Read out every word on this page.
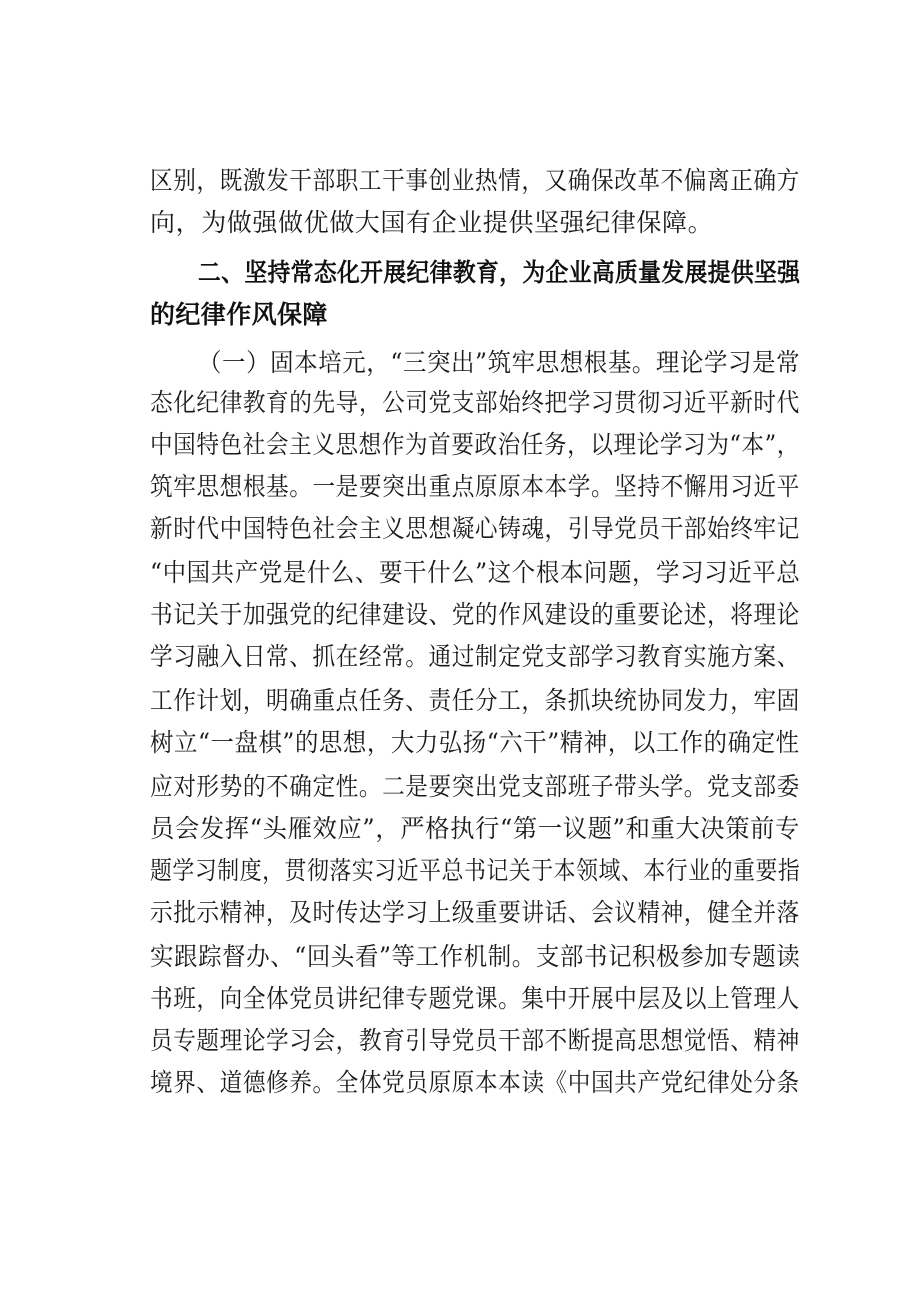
区别，既激发干部职工干事创业热情，又确保改革不偏离正确方
向，为做强做优做大国有企业提供坚强纪律保障。
二、坚持常态化开展纪律教育，为企业高质量发展提供坚强
的纪律作风保障
（一）固本培元，“三突出”筑牢思想根基。理论学习是常
态化纪律教育的先导，公司党支部始终把学习贯彻习近平新时代
中国特色社会主义思想作为首要政治任务，以理论学习为“本”，
筑牢思想根基。一是要突出重点原原本本学。坚持不懈用习近平
新时代中国特色社会主义思想凝心铸魂，引导党员干部始终牢记
“中国共产党是什么、要干什么”这个根本问题，学习习近平总
书记关于加强党的纪律建设、党的作风建设的重要论述，将理论
学习融入日常、抓在经常。通过制定党支部学习教育实施方案、
工作计划，明确重点任务、责任分工，条抓块统协同发力，牢固
树立“一盘棋”的思想，大力弘扬“六干”精神，以工作的确定性
应对形势的不确定性。二是要突出党支部班子带头学。党支部委
员会发挥“头雁效应”，严格执行“第一议题”和重大决策前专
题学习制度，贯彻落实习近平总书记关于本领域、本行业的重要指
示批示精神，及时传达学习上级重要讲话、会议精神，健全并落
实跟踪督办、“回头看”等工作机制。支部书记积极参加专题读
书班，向全体党员讲纪律专题党课。集中开展中层及以上管理人
员专题理论学习会，教育引导党员干部不断提高思想觉悟、精神
境界、道德修养。全体党员原原本本读《中国共产党纪律处分条
